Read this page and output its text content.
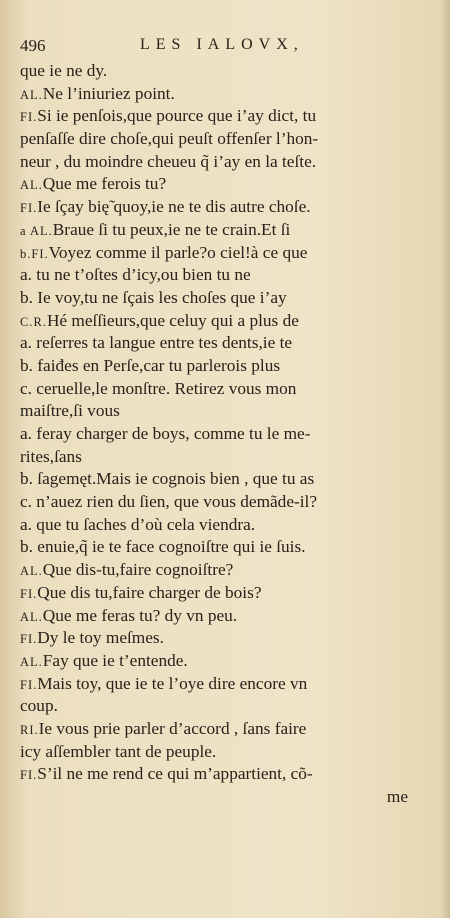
496	LES IALOVX,
que ie ne dy.
AL.Ne l’iniuriez point.
FI.Si ie penſois,que pource que i’ay dict, tu
penſaſſe dire choſe,qui peuſt offenſer l’hon-
neur , du moindre cheueu q̃ i’ay en la teſte.
AL.Que me ferois tu?
FI.Ie ſçay bię̃ quoy,ie ne te dis autre choſe.
a AL.Braue ſi tu peux,ie ne te crain.Et ſi
b.FI.Voyez comme il parle?o ciel!à ce que
a. tu ne t’oſtes d’icy,ou bien tu ne
b. Ie voy,tu ne ſçais les choſes que i’ay
C.R.Hé meſſieurs,que celuy qui a plus de
a. reſerres ta langue entre tes dents,ie te
b. faiđes en Perſe,car tu parlerois plus
c. ceruelle,le monſtre. Retirez vous mon
maiſtre,ſi vous
a. feray charger de boys, comme tu le me-
rites,ſans
b. ſagemęt.Mais ie cognois bien , que tu as
c. n’auez rien du ſien, que vous demãde-il?
a. que tu ſaches d’où cela viendra.
b. enuie,q̃ ie te face cognoiſtre qui ie ſuis.
AL.Que dis-tu,faire cognoiſtre?
FI.Que dis tu,faire charger de bois?
AL.Que me feras tu? dy vn peu.
FI.Dy le toy meſmes.
AL.Fay que ie t’entende.
FI.Mais toy, que ie te l’oye dire encore vn
coup.
RI.Ie vous prie parler d’accord , ſans faire
icy aſſembler tant de peuple.
FI.S’il ne me rend ce qui m’appartient, cõ-
me
